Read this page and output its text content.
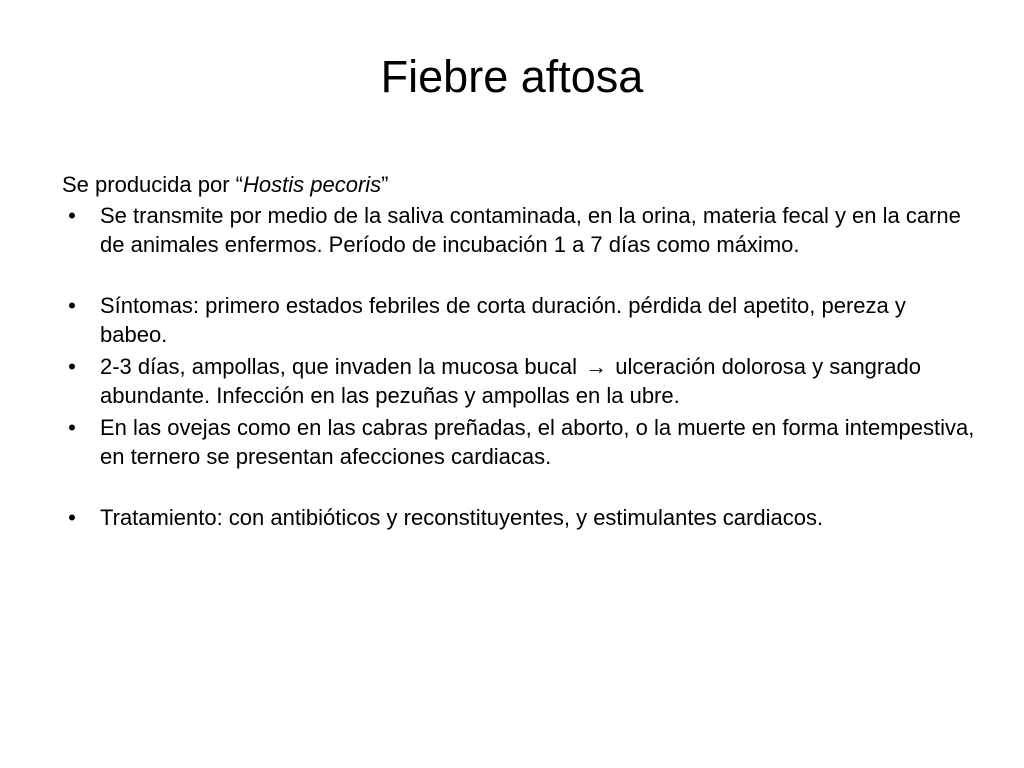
Fiebre aftosa

Se producida por “Hostis pecoris”

• Se transmite por medio de la saliva contaminada, en la orina, materia fecal y en la carne de animales enfermos. Período de incubación 1 a 7 días como máximo.
• Síntomas: primero estados febriles de corta duración. pérdida del apetito, pereza y babeo.
• 2-3 días, ampollas, que invaden la mucosa bucal → ulceración dolorosa y sangrado abundante. Infección en las pezuñas y ampollas en la ubre.
• En las ovejas como en las cabras preñadas, el aborto, o la muerte en forma intempestiva, en ternero se presentan afecciones cardiacas.
• Tratamiento: con antibióticos y reconstituyentes, y estimulantes cardiacos.
